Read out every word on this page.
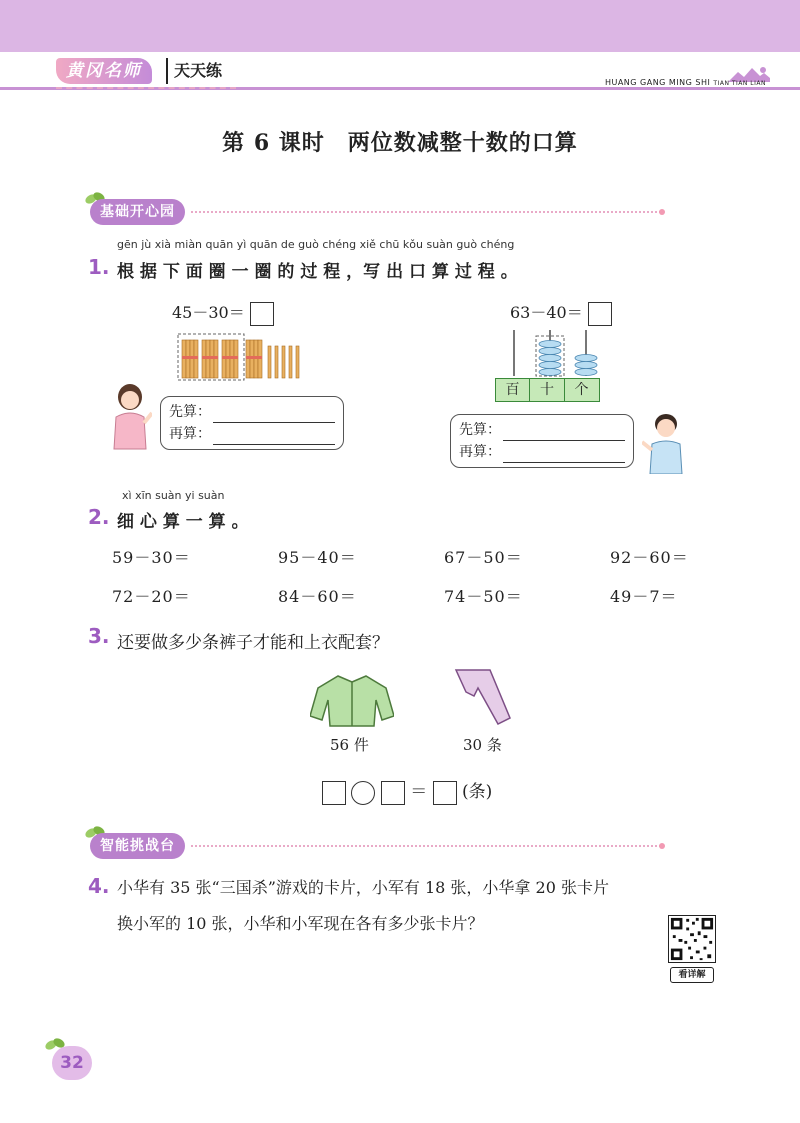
黄冈名师	天天练
HUANG GANG MING SHI TIAN TIAN LIAN
第 6 课时　两位数减整十数的口算
基础开心园
gēn jù xià miàn quān yì quān de guò chéng xiě chū kǒu suàn guò chéng
1. 根 据 下 面 圈 一 圈 的 过 程 ，写 出 口 算 过 程 。
45－30＝
先算：
再算：
63－40＝
百	十	个
先算：
再算：
xì xīn suàn yi suàn
2. 细 心 算 一 算 。
59－30＝	95－40＝	67－50＝	92－60＝
72－20＝	84－60＝	74－50＝	49－7＝
3. 还要做多少条裤子才能和上衣配套？
56 件	30 条
＝ (条)
智能挑战台
4. 小华有 35 张“三国杀”游戏的卡片，小军有 18 张，小华拿 20 张卡片
换小军的 10 张，小华和小军现在各有多少张卡片？
看详解
32
